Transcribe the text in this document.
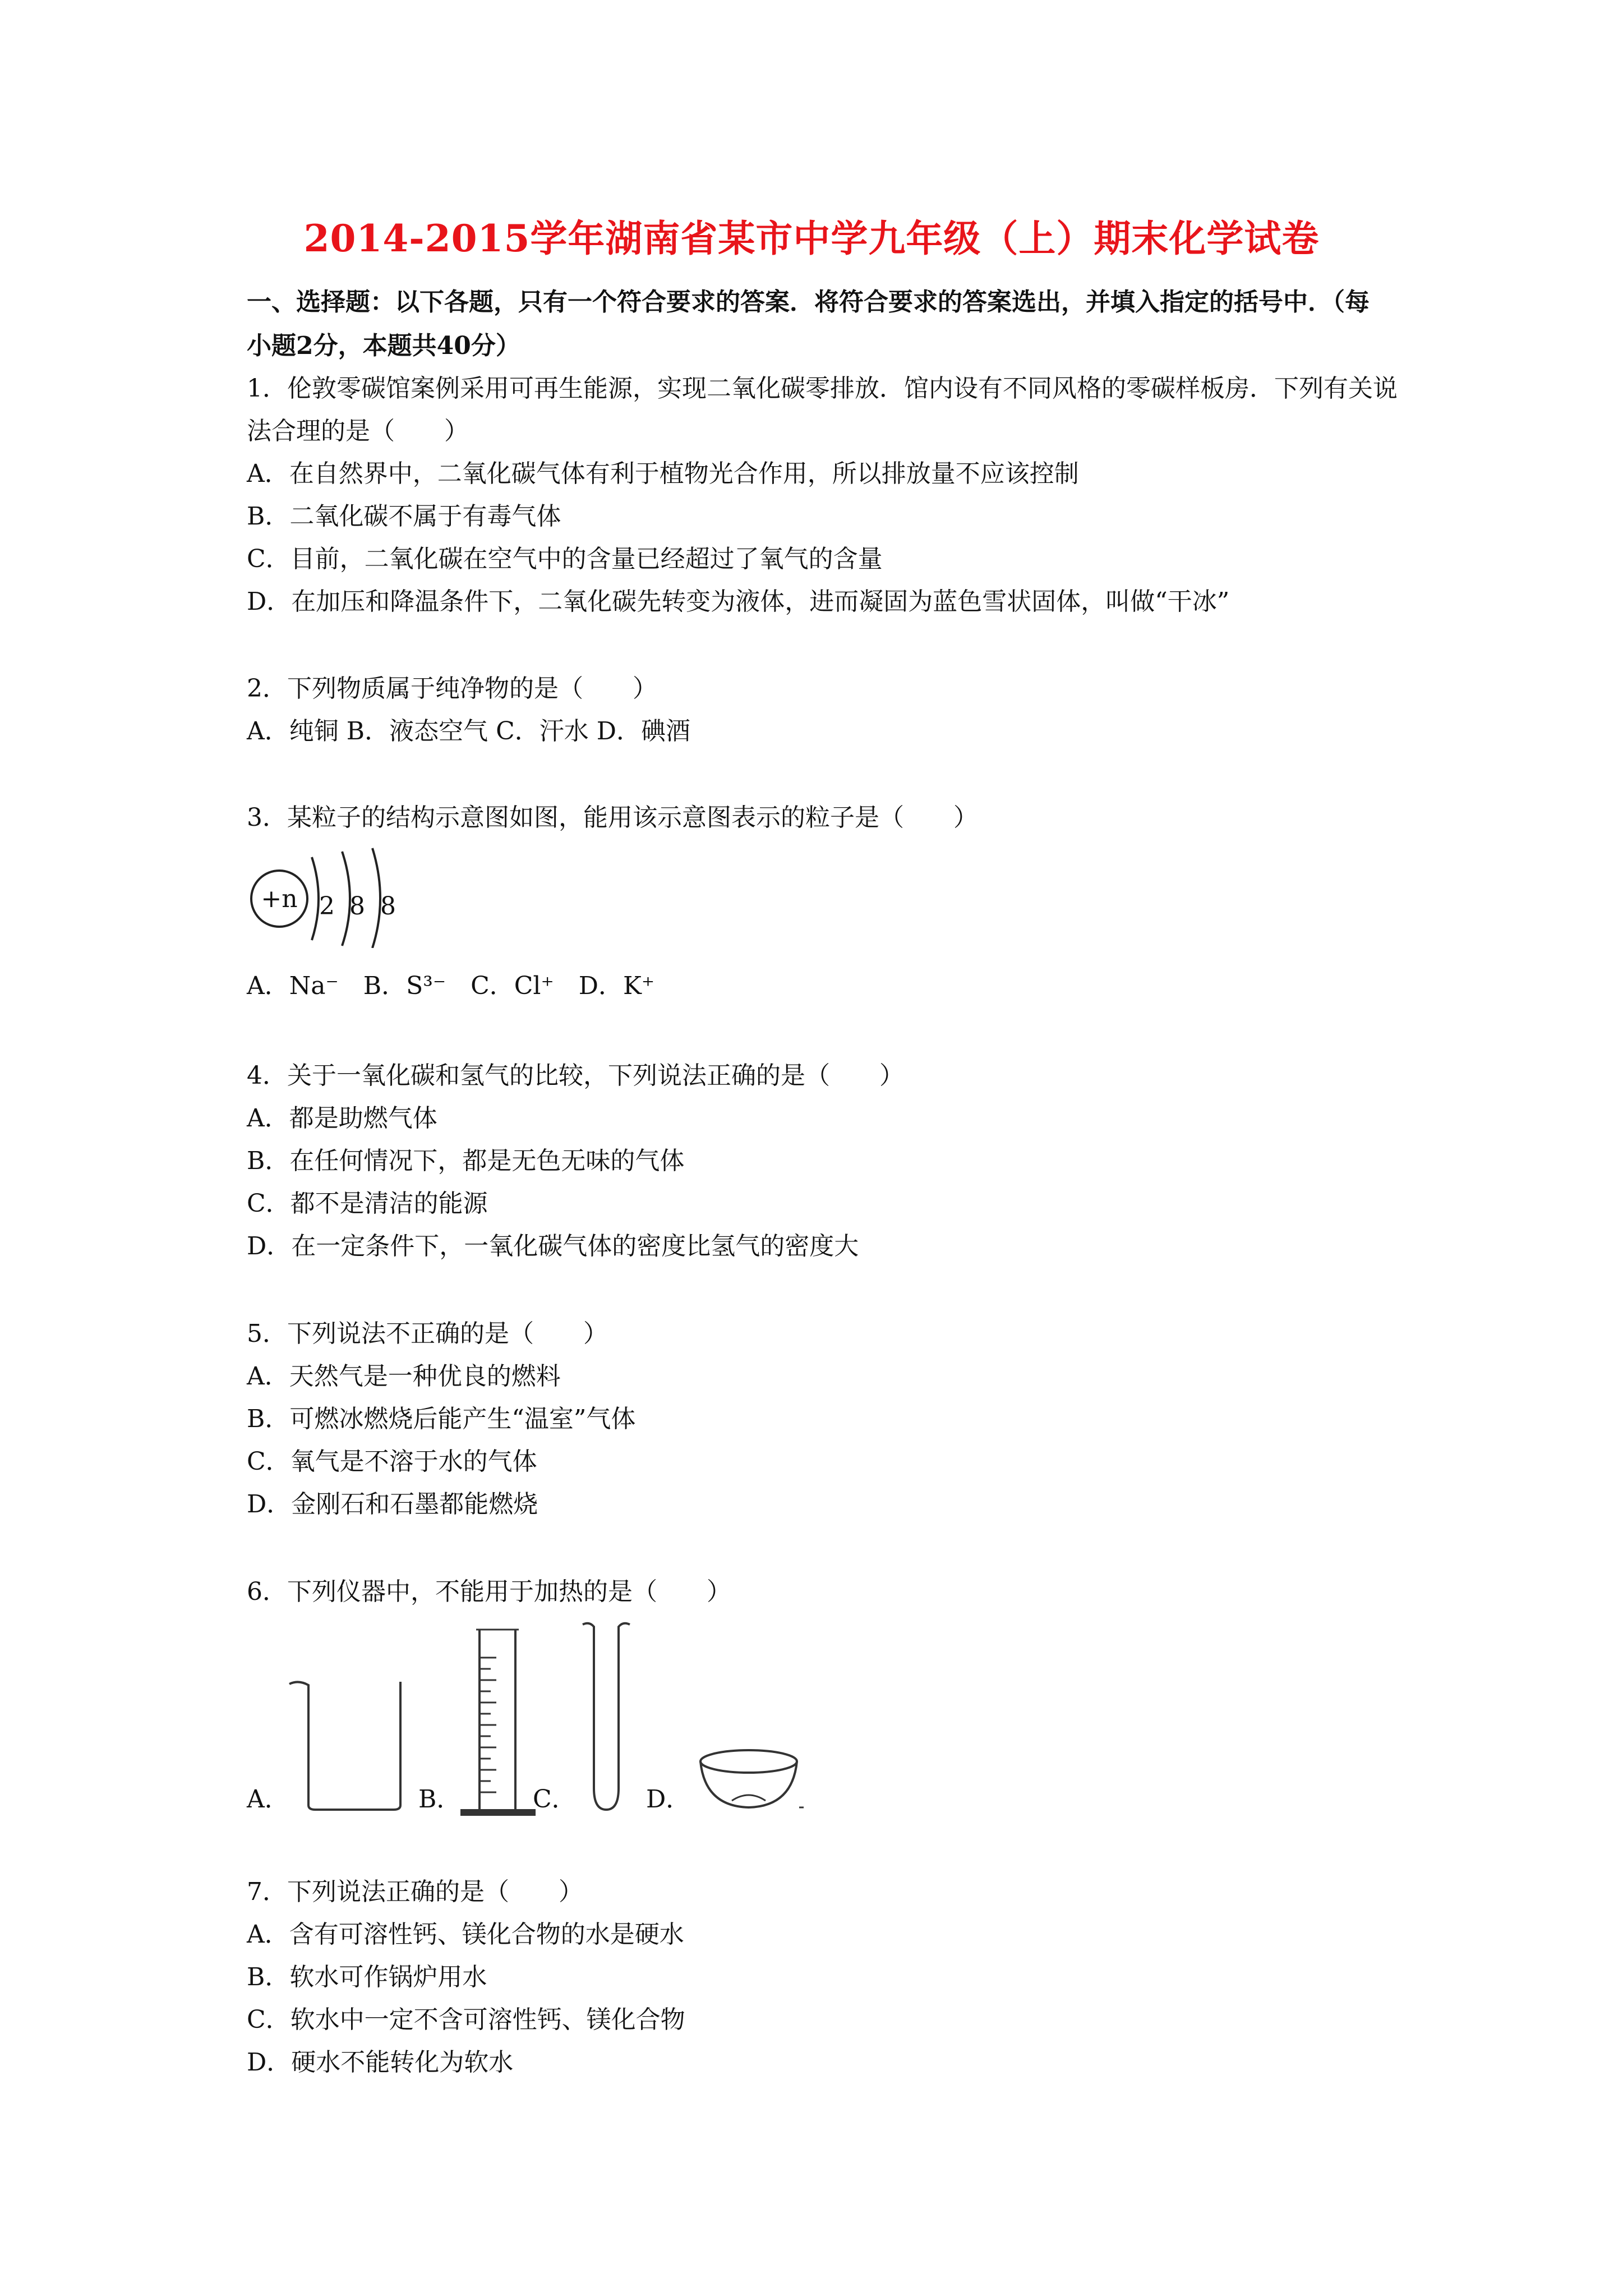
2014-2015学年湖南省某市中学九年级（上）期末化学试卷
一、选择题：以下各题，只有一个符合要求的答案．将符合要求的答案选出，并填入指定的括号中．（每小题2分，本题共40分）
1．伦敦零碳馆案例采用可再生能源，实现二氧化碳零排放．馆内设有不同风格的零碳样板房．下列有关说法合理的是（　　）
A．在自然界中，二氧化碳气体有利于植物光合作用，所以排放量不应该控制
B．二氧化碳不属于有毒气体
C．目前，二氧化碳在空气中的含量已经超过了氧气的含量
D．在加压和降温条件下，二氧化碳先转变为液体，进而凝固为蓝色雪状固体，叫做“干冰”
2．下列物质属于纯净物的是（　　）
A．纯铜 B．液态空气 C．汗水 D．碘酒
3．某粒子的结构示意图如图，能用该示意图表示的粒子是（　　）
+n 2 8 8
A．Na⁻　B．S³⁻　C．Cl⁺　D．K⁺
4．关于一氧化碳和氢气的比较，下列说法正确的是（　　）
A．都是助燃气体
B．在任何情况下，都是无色无味的气体
C．都不是清洁的能源
D．在一定条件下，一氧化碳气体的密度比氢气的密度大
5．下列说法不正确的是（　　）
A．天然气是一种优良的燃料
B．可燃冰燃烧后能产生“温室”气体
C．氧气是不溶于水的气体
D．金刚石和石墨都能燃烧
6．下列仪器中，不能用于加热的是（　　）
A．	B．	C．	D．
7．下列说法正确的是（　　）
A．含有可溶性钙、镁化合物的水是硬水
B．软水可作锅炉用水
C．软水中一定不含可溶性钙、镁化合物
D．硬水不能转化为软水
